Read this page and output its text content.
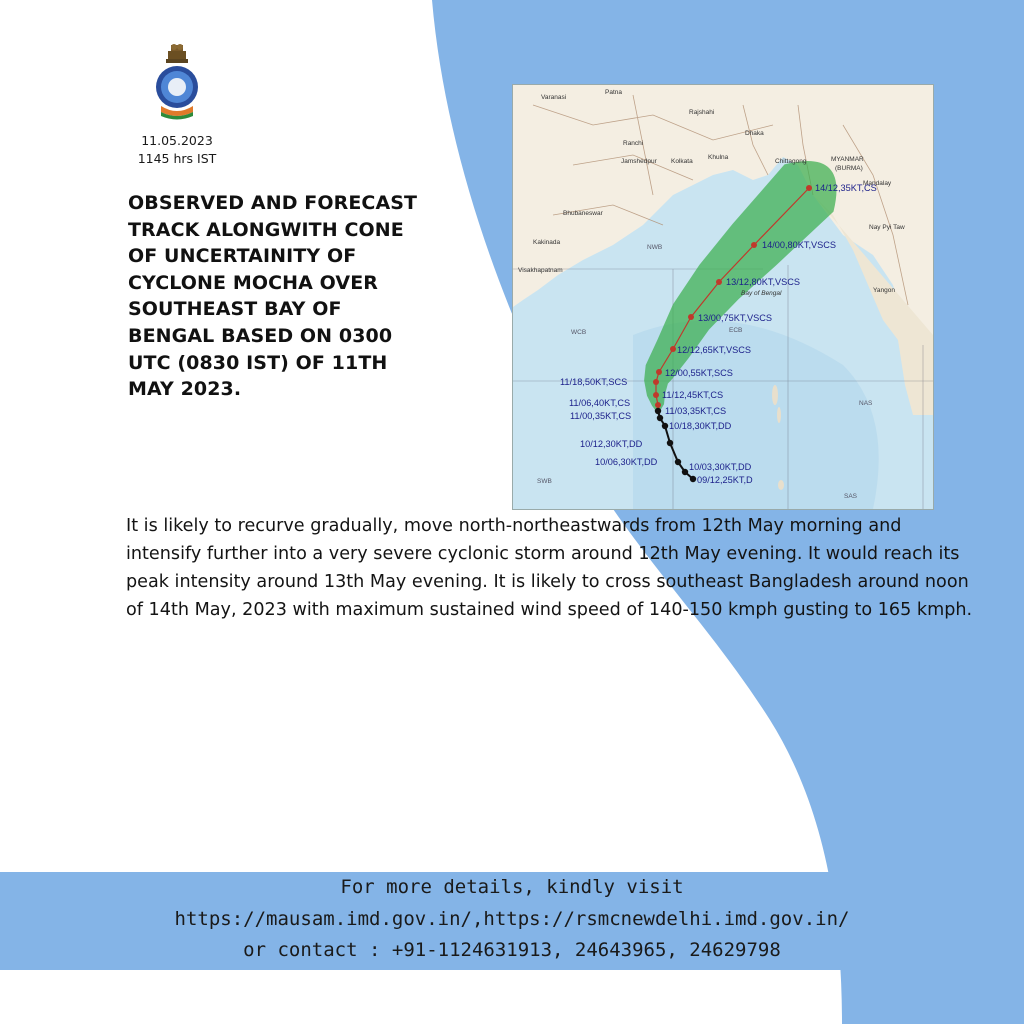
11.05.2023
1145 hrs IST
OBSERVED AND FORECAST TRACK ALONGWITH CONE OF UNCERTAINITY OF CYCLONE MOCHA OVER SOUTHEAST BAY OF BENGAL BASED ON 0300 UTC (0830 IST) OF 11TH MAY 2023.
Patna
Varanasi
Ranchi
Rajshahi
Dhaka
Khulna
Kolkata
Jamshedpur	Chittagong
Bhubaneswar
Visakhapatnam
Kakinada
MYANMAR
(BURMA)
Mandalay
Nay Pyi Taw
Yangon
Bay of Bengal
NWB
WCB	ECB
SWB
NAS
SAS
14/12,35KT,CS
14/00,80KT,VSCS
13/12,80KT,VSCS
13/00,75KT,VSCS
12/12,65KT,VSCS
12/00,55KT,SCS
11/18,50KT,SCS
11/12,45KT,CS
11/06,40KT,CS
11/03,35KT,CS
11/00,35KT,CS
10/18,30KT,DD
10/12,30KT,DD
10/06,30KT,DD	10/03,30KT,DD
09/12,25KT,D

It is likely to recurve gradually, move north-northeastwards from 12th May morning and intensify further into a very severe cyclonic storm around 12th May evening. It would reach its peak intensity around 13th May evening. It is likely to cross southeast Bangladesh around noon of 14th May, 2023 with maximum sustained wind speed of 140-150 kmph gusting to 165 kmph.

For more details, kindly visit
https://mausam.imd.gov.in/,https://rsmcnewdelhi.imd.gov.in/
or contact : +91-1124631913, 24643965, 24629798
